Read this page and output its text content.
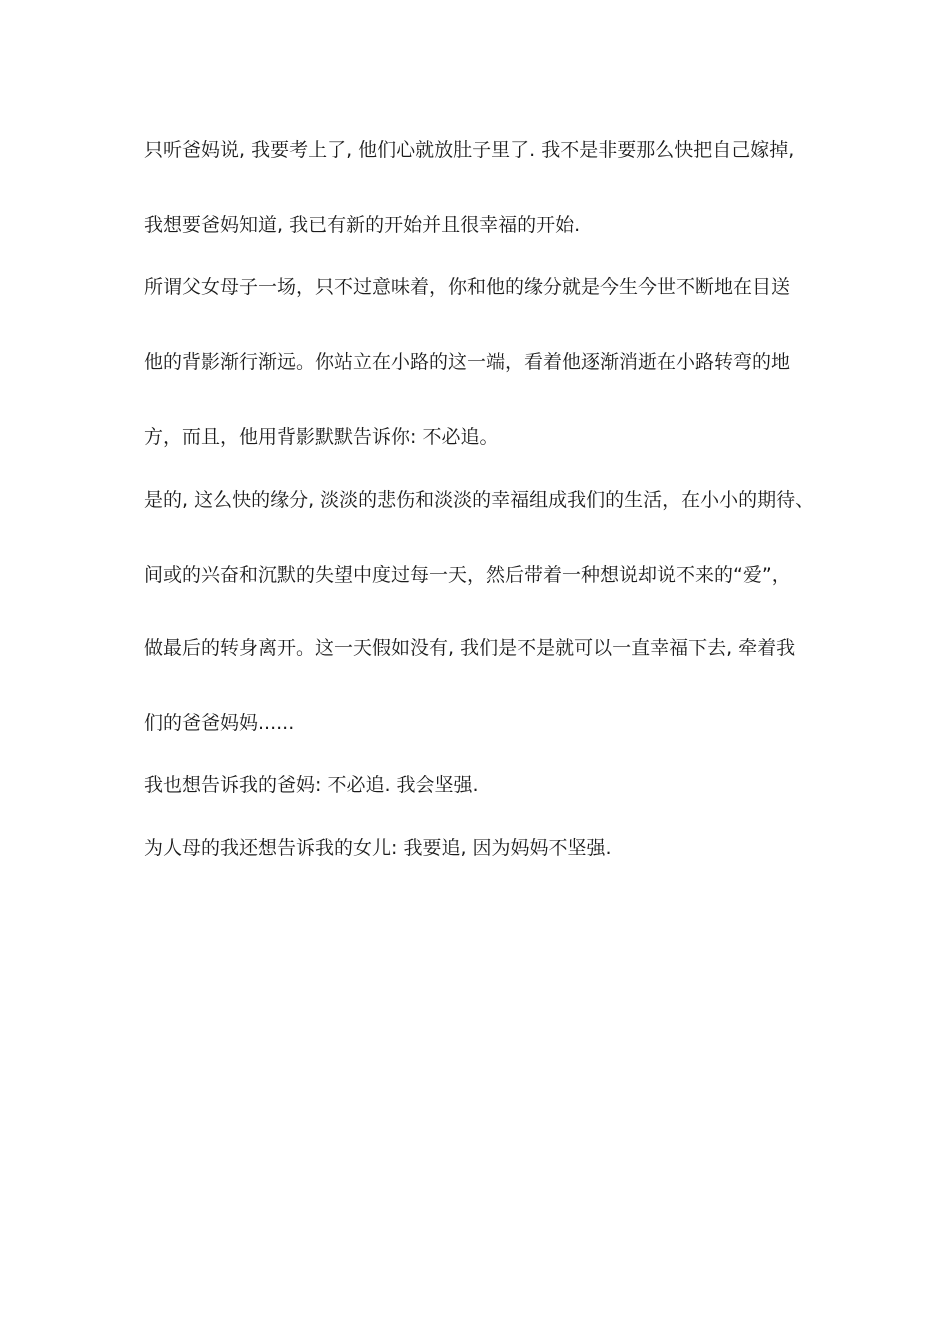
只听爸妈说, 我要考上了, 他们心就放肚子里了. 我不是非要那么快把自己嫁掉,
我想要爸妈知道, 我已有新的开始并且很幸福的开始.
所谓父女母子一场，只不过意味着，你和他的缘分就是今生今世不断地在目送
他的背影渐行渐远。你站立在小路的这一端，看着他逐渐消逝在小路转弯的地
方，而且，他用背影默默告诉你: 不必追。
是的, 这么快的缘分, 淡淡的悲伤和淡淡的幸福组成我们的生活，在小小的期待、
间或的兴奋和沉默的失望中度过每一天，然后带着一种想说却说不来的“爱”，
做最后的转身离开。这一天假如没有, 我们是不是就可以一直幸福下去, 牵着我
们的爸爸妈妈......
我也想告诉我的爸妈: 不必追. 我会坚强.
为人母的我还想告诉我的女儿: 我要追, 因为妈妈不坚强.
